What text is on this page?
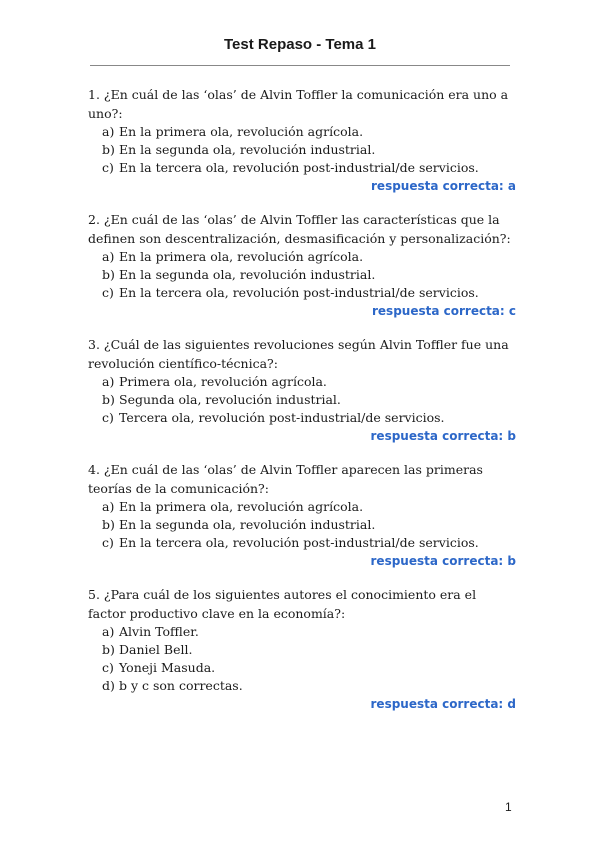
Test Repaso - Tema 1

1. ¿En cuál de las ‘olas’ de Alvin Toffler la comunicación era uno a uno?:

a) En la primera ola, revolución agrícola.
b) En la segunda ola, revolución industrial.
c) En la tercera ola, revolución post-industrial/de servicios.
respuesta correcta: a

2. ¿En cuál de las ‘olas’ de Alvin Toffler las características que la definen son descentralización, desmasificación y personalización?:

a) En la primera ola, revolución agrícola.
b) En la segunda ola, revolución industrial.
c) En la tercera ola, revolución post-industrial/de servicios.
respuesta correcta: c

3. ¿Cuál de las siguientes revoluciones según Alvin Toffler fue una revolución científico-técnica?:

a) Primera ola, revolución agrícola.
b) Segunda ola, revolución industrial.
c) Tercera ola, revolución post-industrial/de servicios.
respuesta correcta: b

4. ¿En cuál de las ‘olas’ de Alvin Toffler aparecen las primeras teorías de la comunicación?:

a) En la primera ola, revolución agrícola.
b) En la segunda ola, revolución industrial.
c) En la tercera ola, revolución post-industrial/de servicios.
respuesta correcta: b

5. ¿Para cuál de los siguientes autores el conocimiento era el factor productivo clave en la economía?:

a) Alvin Toffler.
b) Daniel Bell.
c) Yoneji Masuda.
d) b y c son correctas.
respuesta correcta: d
1
